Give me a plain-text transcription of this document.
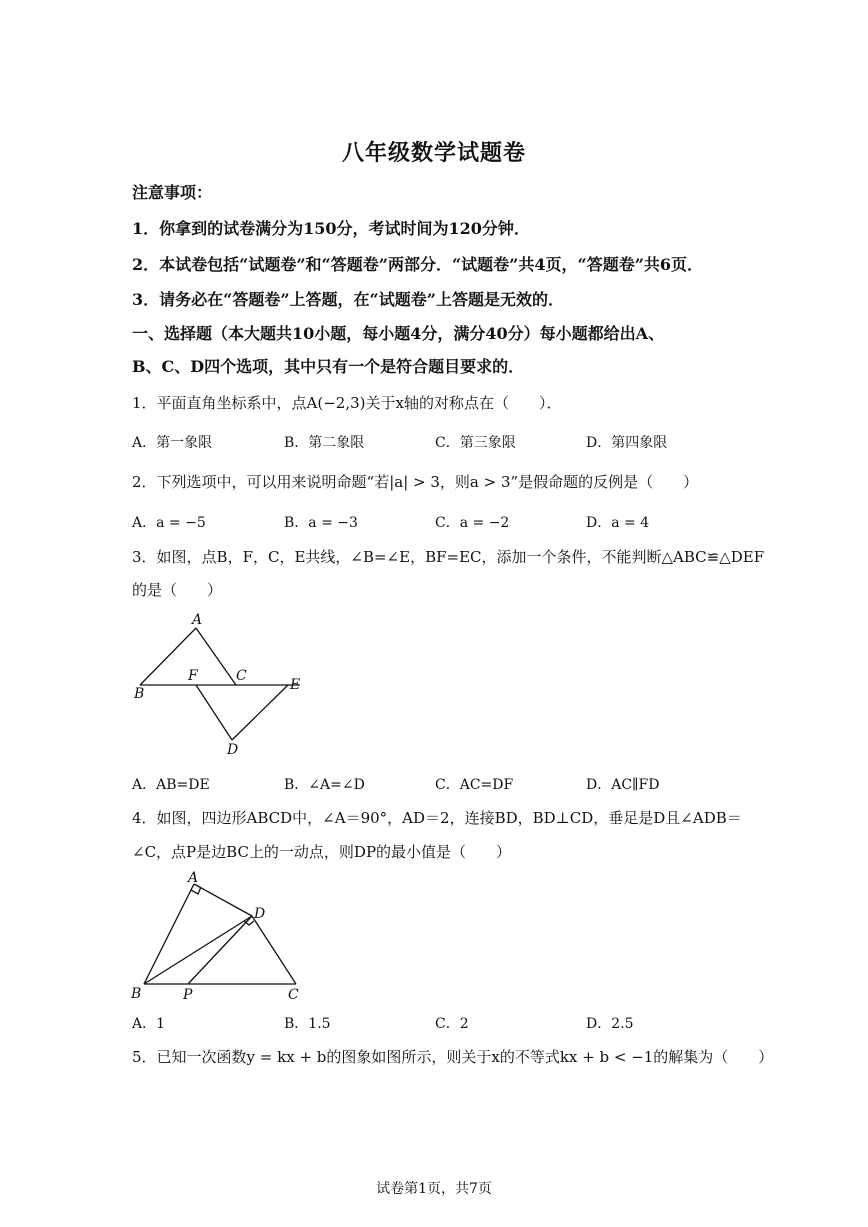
八年级数学试题卷
注意事项：
1．你拿到的试卷满分为150分，考试时间为120分钟．
2．本试卷包括“试题卷”和“答题卷”两部分．“试题卷”共4页，“答题卷”共6页．
3．请务必在“答题卷”上答题，在“试题卷”上答题是无效的．
一、选择题（本大题共10小题，每小题4分，满分40分）每小题都给出A、
B、C、D四个选项，其中只有一个是符合题目要求的．
1．平面直角坐标系中，点A(−2,3)关于x轴的对称点在（　　）．
A．第一象限	B．第二象限	C．第三象限	D．第四象限
2．下列选项中，可以用来说明命题“若|a| > 3，则a > 3”是假命题的反例是（　　）
A．a = −5	B．a = −3	C．a = −2	D．a = 4
3．如图，点B，F，C，E共线，∠B=∠E，BF=EC，添加一个条件，不能判断△ABC≌△DEF
的是（　　）
A
B
F	C
E
D
A．AB=DE	B．∠A=∠D	C．AC=DF	D．AC∥FD
4．如图，四边形ABCD中，∠A＝90°，AD＝2，连接BD，BD⊥CD，垂足是D且∠ADB＝
∠C，点P是边BC上的一动点，则DP的最小值是（　　）
A
D
B	P	C
A．1	B．1.5	C．2	D．2.5
5．已知一次函数y = kx + b的图象如图所示，则关于x的不等式kx + b < −1的解集为（　　）
试卷第1页，共7页
